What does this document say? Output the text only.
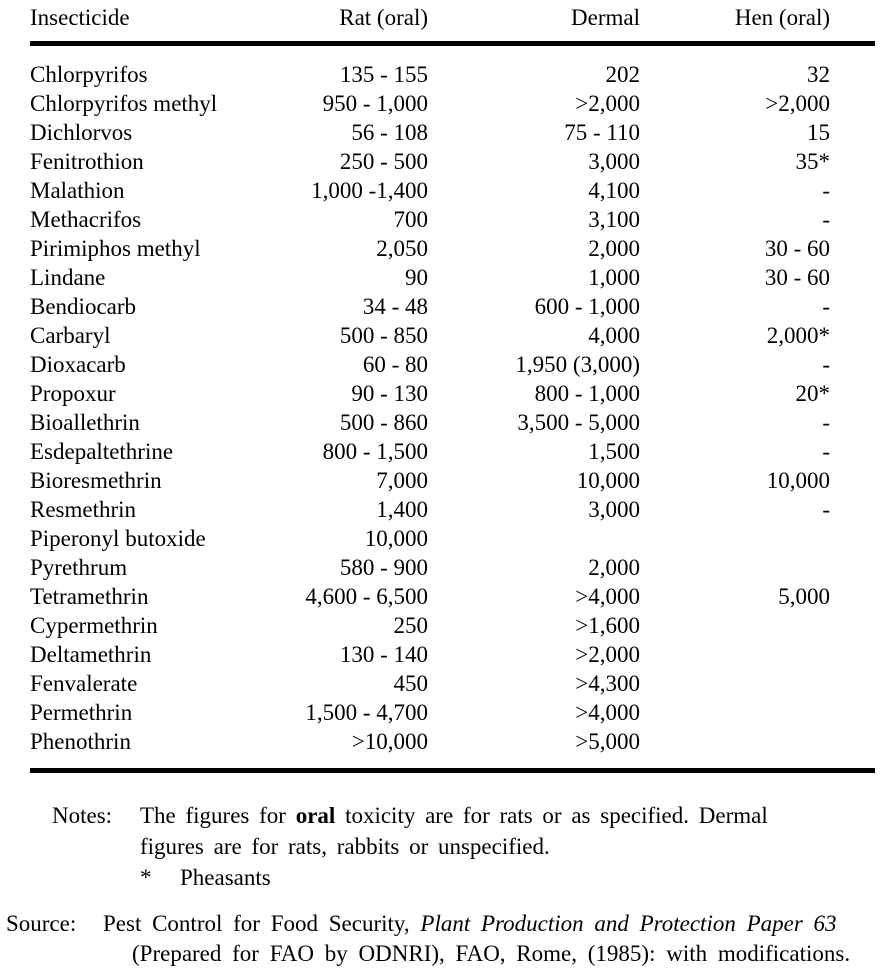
Insecticide	Rat (oral)	Dermal	Hen (oral)
Chlorpyrifos	135 - 155	202	32
Chlorpyrifos methyl	950 - 1,000	>2,000	>2,000
Dichlorvos	56 - 108	75 - 110	15
Fenitrothion	250 - 500	3,000	35*
Malathion	1,000 -1,400	4,100	-
Methacrifos	700	3,100	-
Pirimiphos methyl	2,050	2,000	30 - 60
Lindane	90	1,000	30 - 60
Bendiocarb	34 - 48	600 - 1,000	-
Carbaryl	500 - 850	4,000	2,000*
Dioxacarb	60 - 80	1,950 (3,000)	-
Propoxur	90 - 130	800 - 1,000	20*
Bioallethrin	500 - 860	3,500 - 5,000	-
Esdepaltethrine	800 - 1,500	1,500	-
Bioresmethrin	7,000	10,000	10,000
Resmethrin	1,400	3,000	-
Piperonyl butoxide	10,000		
Pyrethrum	580 - 900	2,000	
Tetramethrin	4,600 - 6,500	>4,000	5,000
Cypermethrin	250	>1,600	
Deltamethrin	130 - 140	>2,000	
Fenvalerate	450	>4,300	
Permethrin	1,500 - 4,700	>4,000	
Phenothrin	>10,000	>5,000	
Notes:	The figures for oral toxicity are for rats or as specified. Dermal
figures are for rats, rabbits or unspecified.
* Pheasants
Source:	Pest Control for Food Security, Plant Production and Protection Paper 63
(Prepared for FAO by ODNRI), FAO, Rome, (1985): with modifications.
